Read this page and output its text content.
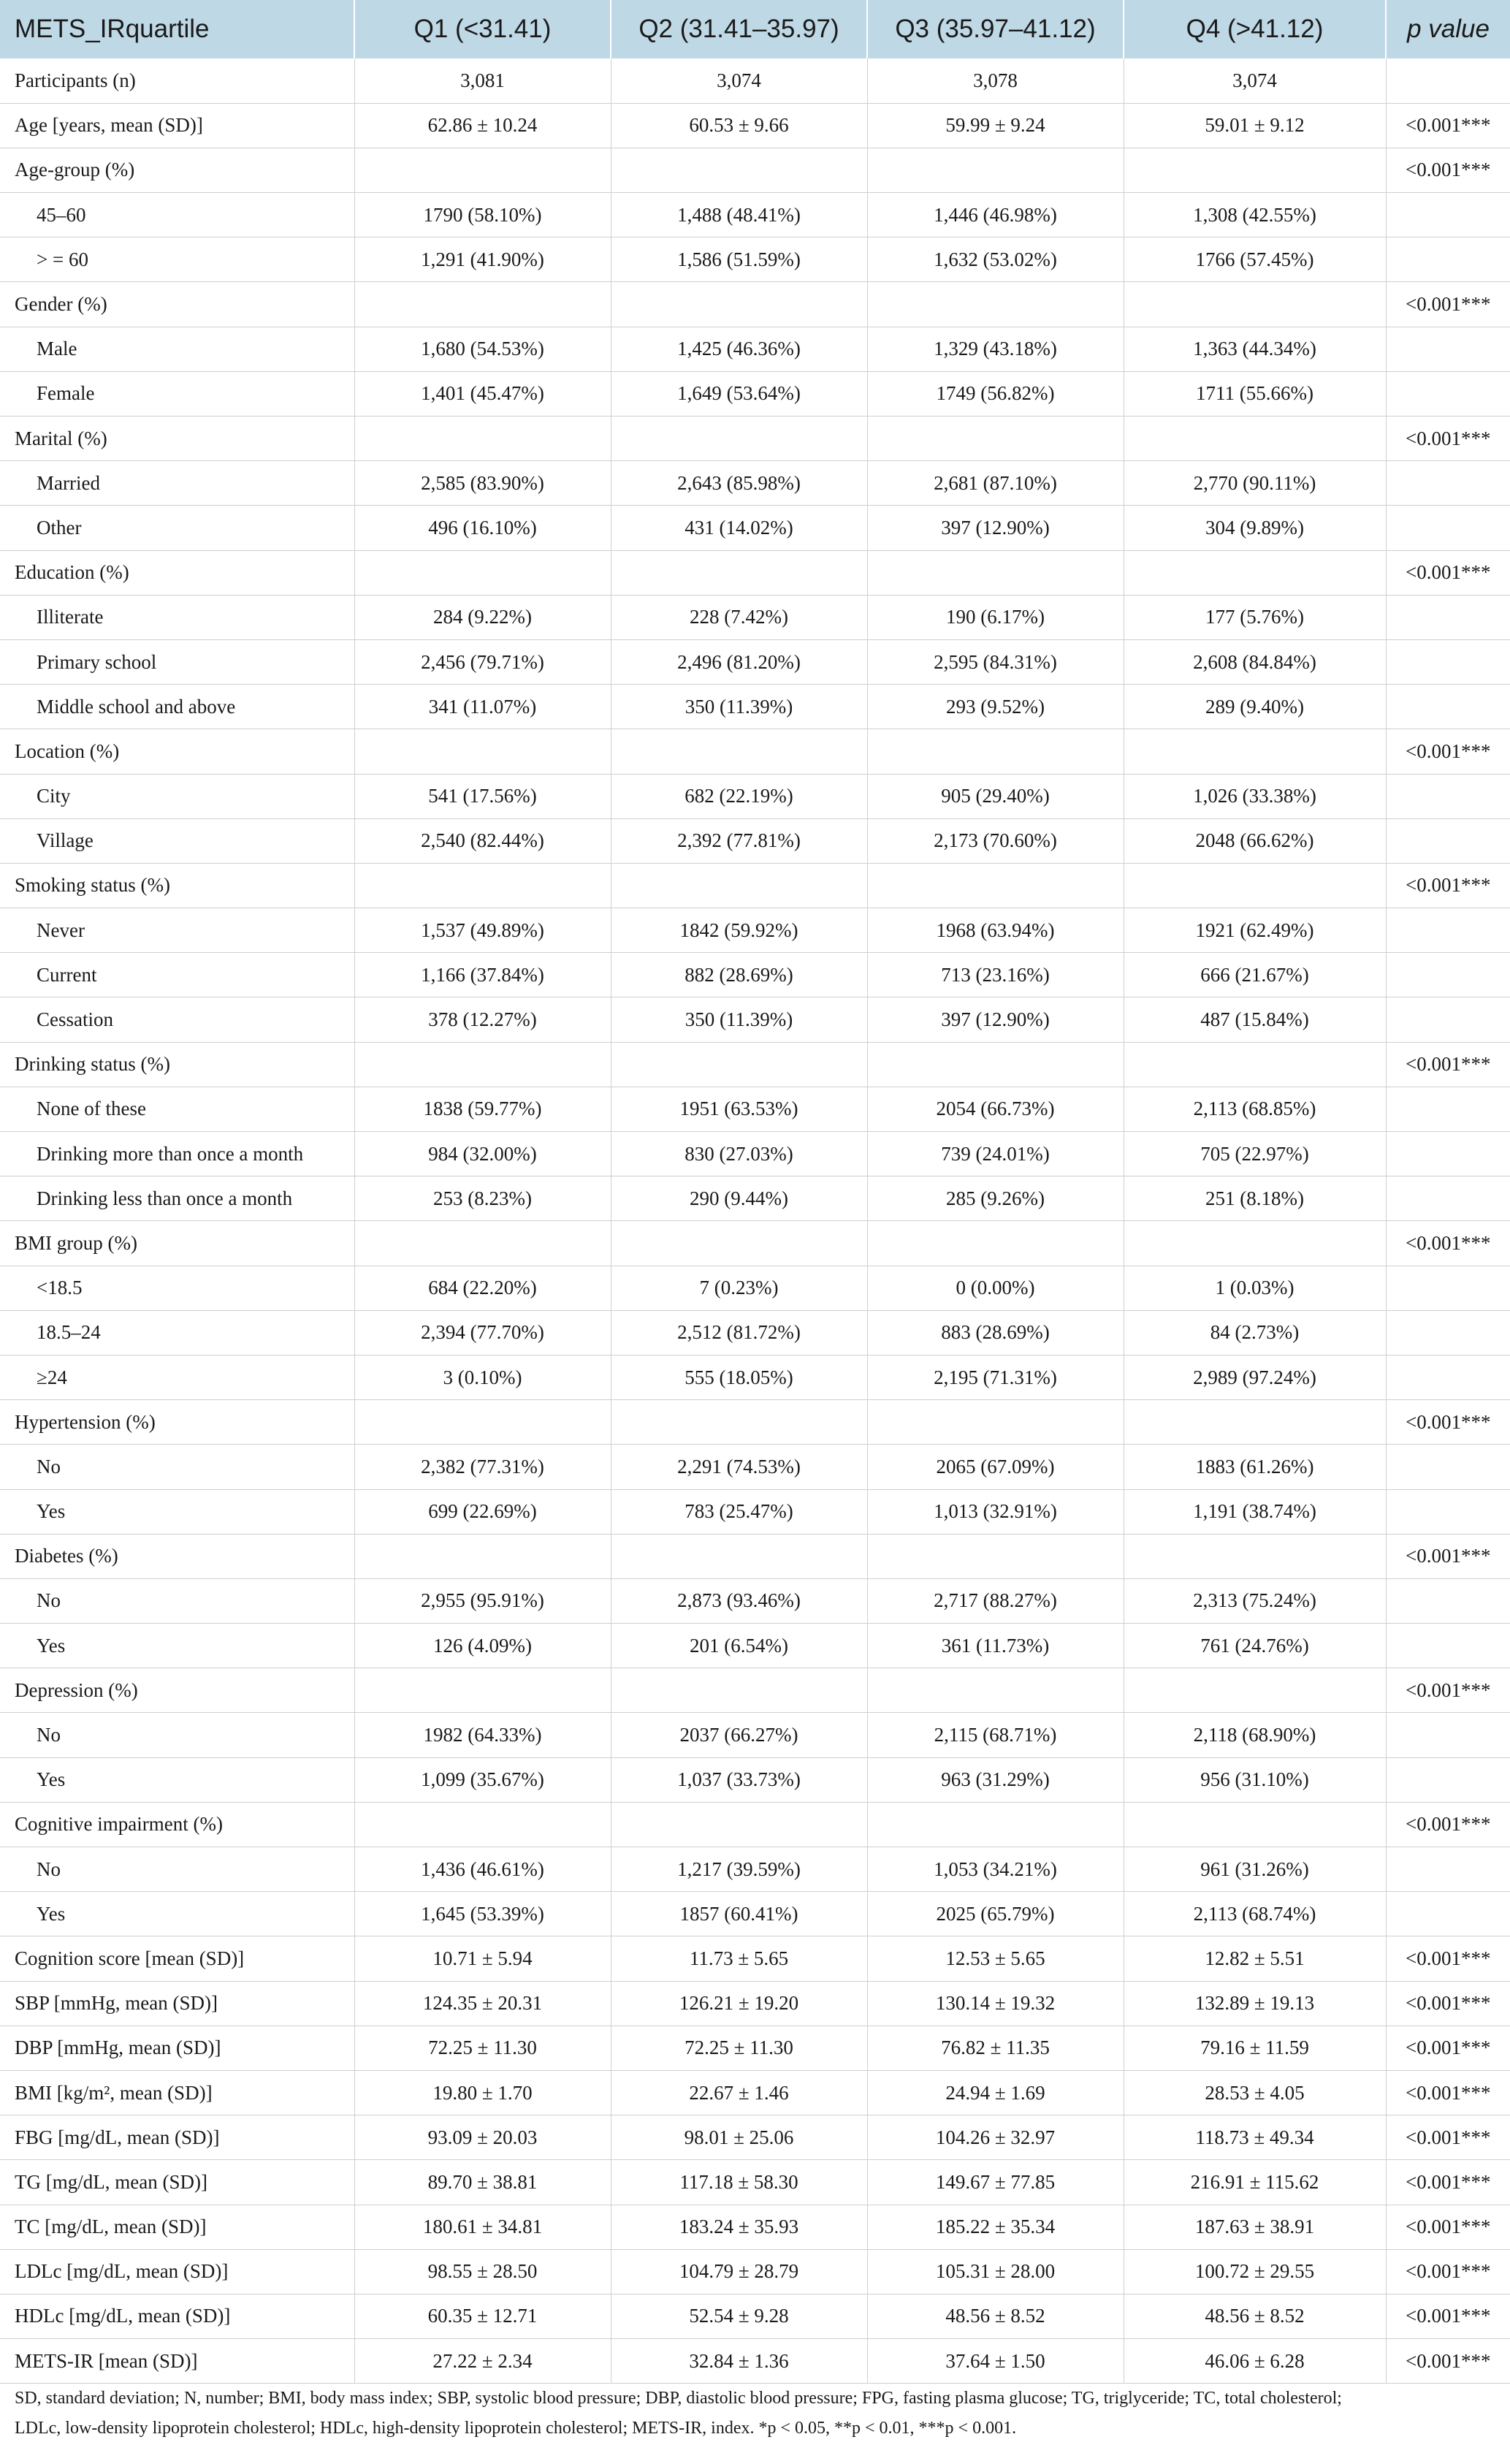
METS_IRquartile	Q1 (<31.41)	Q2 (31.41–35.97)	Q3 (35.97–41.12)	Q4 (>41.12)	p value
Participants (n)	3,081	3,074	3,078	3,074	
Age [years, mean (SD)]	62.86 ± 10.24	60.53 ± 9.66	59.99 ± 9.24	59.01 ± 9.12	<0.001***
Age-group (%)					<0.001***
45–60	1790 (58.10%)	1,488 (48.41%)	1,446 (46.98%)	1,308 (42.55%)	
> = 60	1,291 (41.90%)	1,586 (51.59%)	1,632 (53.02%)	1766 (57.45%)	
Gender (%)					<0.001***
Male	1,680 (54.53%)	1,425 (46.36%)	1,329 (43.18%)	1,363 (44.34%)	
Female	1,401 (45.47%)	1,649 (53.64%)	1749 (56.82%)	1711 (55.66%)	
Marital (%)					<0.001***
Married	2,585 (83.90%)	2,643 (85.98%)	2,681 (87.10%)	2,770 (90.11%)	
Other	496 (16.10%)	431 (14.02%)	397 (12.90%)	304 (9.89%)	
Education (%)					<0.001***
Illiterate	284 (9.22%)	228 (7.42%)	190 (6.17%)	177 (5.76%)	
Primary school	2,456 (79.71%)	2,496 (81.20%)	2,595 (84.31%)	2,608 (84.84%)	
Middle school and above	341 (11.07%)	350 (11.39%)	293 (9.52%)	289 (9.40%)	
Location (%)					<0.001***
City	541 (17.56%)	682 (22.19%)	905 (29.40%)	1,026 (33.38%)	
Village	2,540 (82.44%)	2,392 (77.81%)	2,173 (70.60%)	2048 (66.62%)	
Smoking status (%)					<0.001***
Never	1,537 (49.89%)	1842 (59.92%)	1968 (63.94%)	1921 (62.49%)	
Current	1,166 (37.84%)	882 (28.69%)	713 (23.16%)	666 (21.67%)	
Cessation	378 (12.27%)	350 (11.39%)	397 (12.90%)	487 (15.84%)	
Drinking status (%)					<0.001***
None of these	1838 (59.77%)	1951 (63.53%)	2054 (66.73%)	2,113 (68.85%)	
Drinking more than once a month	984 (32.00%)	830 (27.03%)	739 (24.01%)	705 (22.97%)	
Drinking less than once a month	253 (8.23%)	290 (9.44%)	285 (9.26%)	251 (8.18%)	
BMI group (%)					<0.001***
<18.5	684 (22.20%)	7 (0.23%)	0 (0.00%)	1 (0.03%)	
18.5–24	2,394 (77.70%)	2,512 (81.72%)	883 (28.69%)	84 (2.73%)	
≥24	3 (0.10%)	555 (18.05%)	2,195 (71.31%)	2,989 (97.24%)	
Hypertension (%)					<0.001***
No	2,382 (77.31%)	2,291 (74.53%)	2065 (67.09%)	1883 (61.26%)	
Yes	699 (22.69%)	783 (25.47%)	1,013 (32.91%)	1,191 (38.74%)	
Diabetes (%)					<0.001***
No	2,955 (95.91%)	2,873 (93.46%)	2,717 (88.27%)	2,313 (75.24%)	
Yes	126 (4.09%)	201 (6.54%)	361 (11.73%)	761 (24.76%)	
Depression (%)					<0.001***
No	1982 (64.33%)	2037 (66.27%)	2,115 (68.71%)	2,118 (68.90%)	
Yes	1,099 (35.67%)	1,037 (33.73%)	963 (31.29%)	956 (31.10%)	
Cognitive impairment (%)					<0.001***
No	1,436 (46.61%)	1,217 (39.59%)	1,053 (34.21%)	961 (31.26%)	
Yes	1,645 (53.39%)	1857 (60.41%)	2025 (65.79%)	2,113 (68.74%)	
Cognition score [mean (SD)]	10.71 ± 5.94	11.73 ± 5.65	12.53 ± 5.65	12.82 ± 5.51	<0.001***
SBP [mmHg, mean (SD)]	124.35 ± 20.31	126.21 ± 19.20	130.14 ± 19.32	132.89 ± 19.13	<0.001***
DBP [mmHg, mean (SD)]	72.25 ± 11.30	72.25 ± 11.30	76.82 ± 11.35	79.16 ± 11.59	<0.001***
BMI [kg/m², mean (SD)]	19.80 ± 1.70	22.67 ± 1.46	24.94 ± 1.69	28.53 ± 4.05	<0.001***
FBG [mg/dL, mean (SD)]	93.09 ± 20.03	98.01 ± 25.06	104.26 ± 32.97	118.73 ± 49.34	<0.001***
TG [mg/dL, mean (SD)]	89.70 ± 38.81	117.18 ± 58.30	149.67 ± 77.85	216.91 ± 115.62	<0.001***
TC [mg/dL, mean (SD)]	180.61 ± 34.81	183.24 ± 35.93	185.22 ± 35.34	187.63 ± 38.91	<0.001***
LDLc [mg/dL, mean (SD)]	98.55 ± 28.50	104.79 ± 28.79	105.31 ± 28.00	100.72 ± 29.55	<0.001***
HDLc [mg/dL, mean (SD)]	60.35 ± 12.71	52.54 ± 9.28	48.56 ± 8.52	48.56 ± 8.52	<0.001***
METS-IR [mean (SD)]	27.22 ± 2.34	32.84 ± 1.36	37.64 ± 1.50	46.06 ± 6.28	<0.001***
SD, standard deviation; N, number; BMI, body mass index; SBP, systolic blood pressure; DBP, diastolic blood pressure; FPG, fasting plasma glucose; TG, triglyceride; TC, total cholesterol;
LDLc, low-density lipoprotein cholesterol; HDLc, high-density lipoprotein cholesterol; METS-IR, index. *p < 0.05, **p < 0.01, ***p < 0.001.
